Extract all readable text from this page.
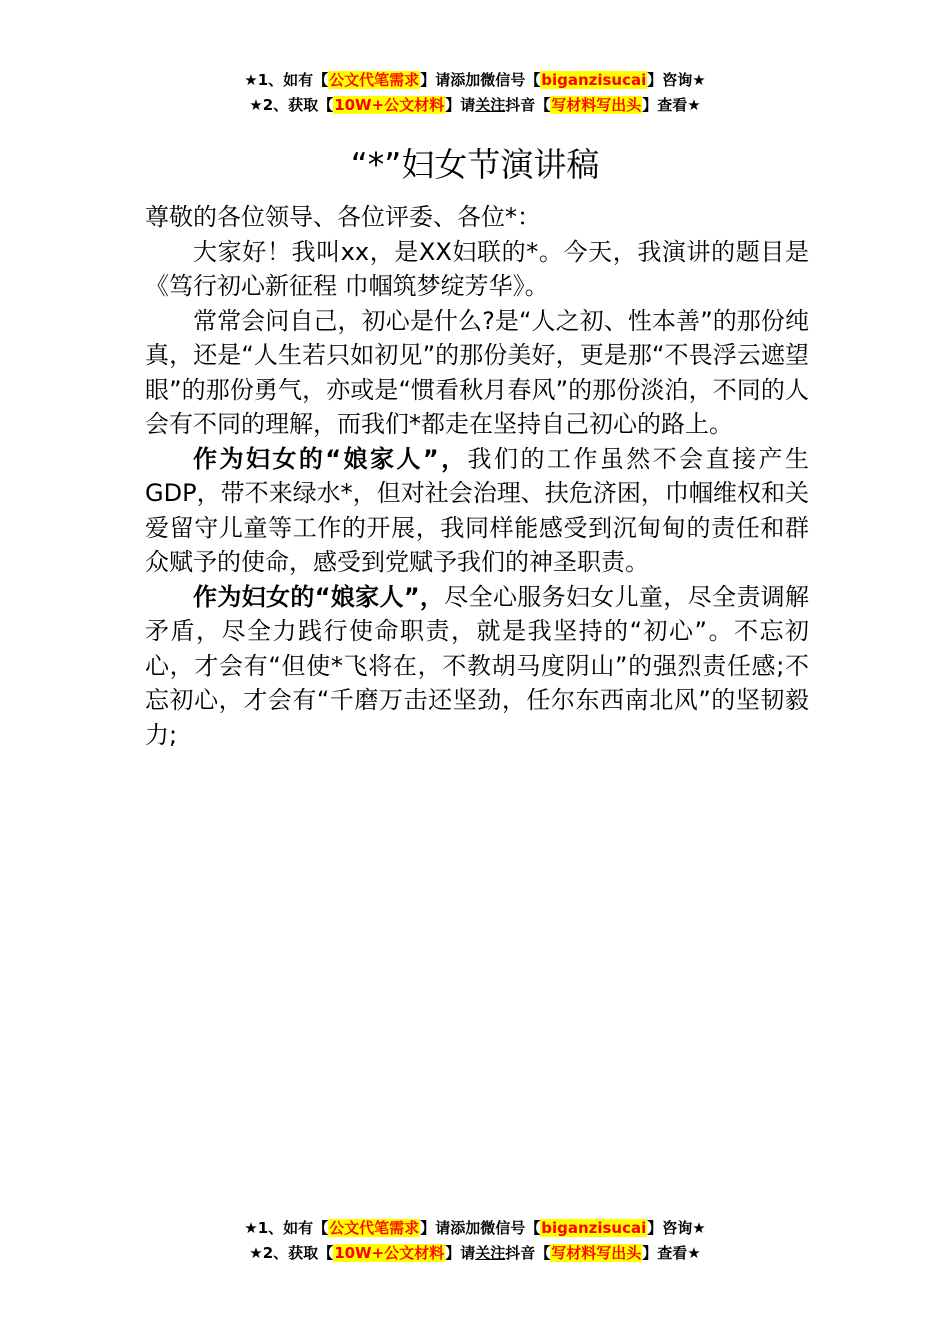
★1、如有【公文代笔需求】请添加微信号【biganzisucai】咨询★
★2、获取【10W+公文材料】请关注抖音【写材料写出头】查看★
“*”妇女节演讲稿

尊敬的各位领导、各位评委、各位*：

大家好！我叫xx，是XX妇联的*。今天，我演讲的题目是《笃行初心新征程 巾帼筑梦绽芳华》。

常常会问自己，初心是什么?是“人之初、性本善”的那份纯真，还是“人生若只如初见”的那份美好，更是那“不畏浮云遮望眼”的那份勇气，亦或是“惯看秋月春风”的那份淡泊，不同的人会有不同的理解，而我们*都走在坚持自己初心的路上。

作为妇女的“娘家人”，我们的工作虽然不会直接产生GDP，带不来绿水*，但对社会治理、扶危济困，巾帼维权和关爱留守儿童等工作的开展，我同样能感受到沉甸甸的责任和群众赋予的使命，感受到党赋予我们的神圣职责。

作为妇女的“娘家人”，尽全心服务妇女儿童，尽全责调解矛盾，尽全力践行使命职责，就是我坚持的“初心”。不忘初心，才会有“但使*飞将在，不教胡马度阴山”的强烈责任感;不忘初心，才会有“千磨万击还坚劲，任尔东西南北风”的坚韧毅力;

★1、如有【公文代笔需求】请添加微信号【biganzisucai】咨询★
★2、获取【10W+公文材料】请关注抖音【写材料写出头】查看★
